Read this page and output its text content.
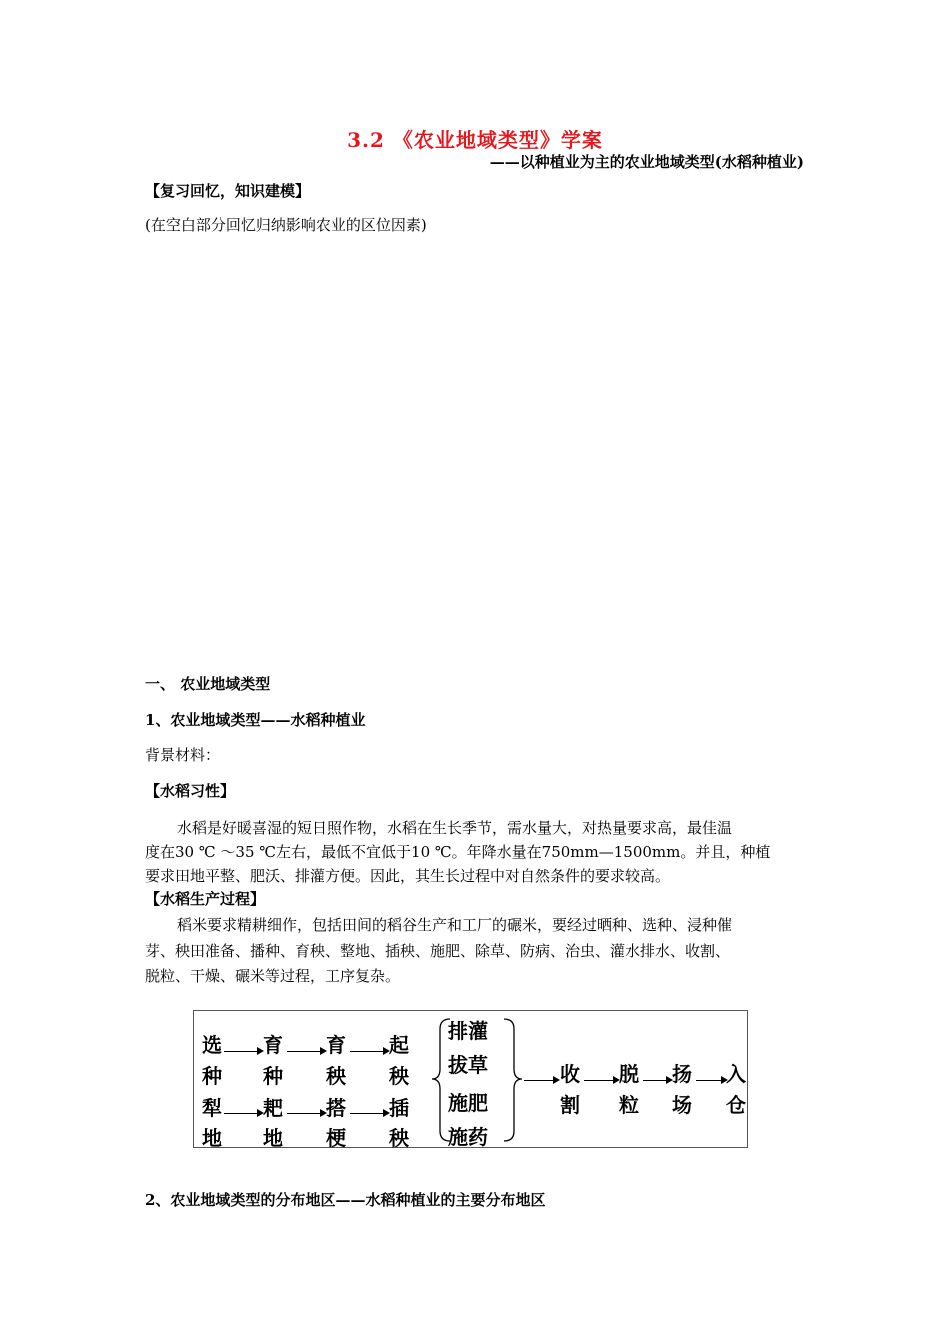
3.2 《农业地域类型》学案
——以种植业为主的农业地域类型(水稻种植业)
【复习回忆，知识建模】
(在空白部分回忆归纳影响农业的区位因素)
一、 农业地域类型
1、农业地域类型——水稻种植业
背景材料：
【水稻习性】
水稻是好暖喜湿的短日照作物，水稻在生长季节，需水量大，对热量要求高，最佳温
度在30 ℃ ～35 ℃左右，最低不宜低于10 ℃。年降水量在750mm—1500mm。并且，种植
要求田地平整、肥沃、排灌方便。因此，其生长过程中对自然条件的要求较高。
【水稻生产过程】
稻米要求精耕细作，包括田间的稻谷生产和工厂的碾米，要经过晒种、选种、浸种催
芽、秧田准备、播种、育秧、整地、插秧、施肥、除草、防病、治虫、灌水排水、收割、
脱粒、干燥、碾米等过程，工序复杂。
选
种
育
种
育
秧
起
秧
犁
地
耙
地
搭
梗
插
秧
排灌
拔草
施肥
施药
收
割
脱
粒
扬
场
入
仓
2、农业地域类型的分布地区——水稻种植业的主要分布地区
